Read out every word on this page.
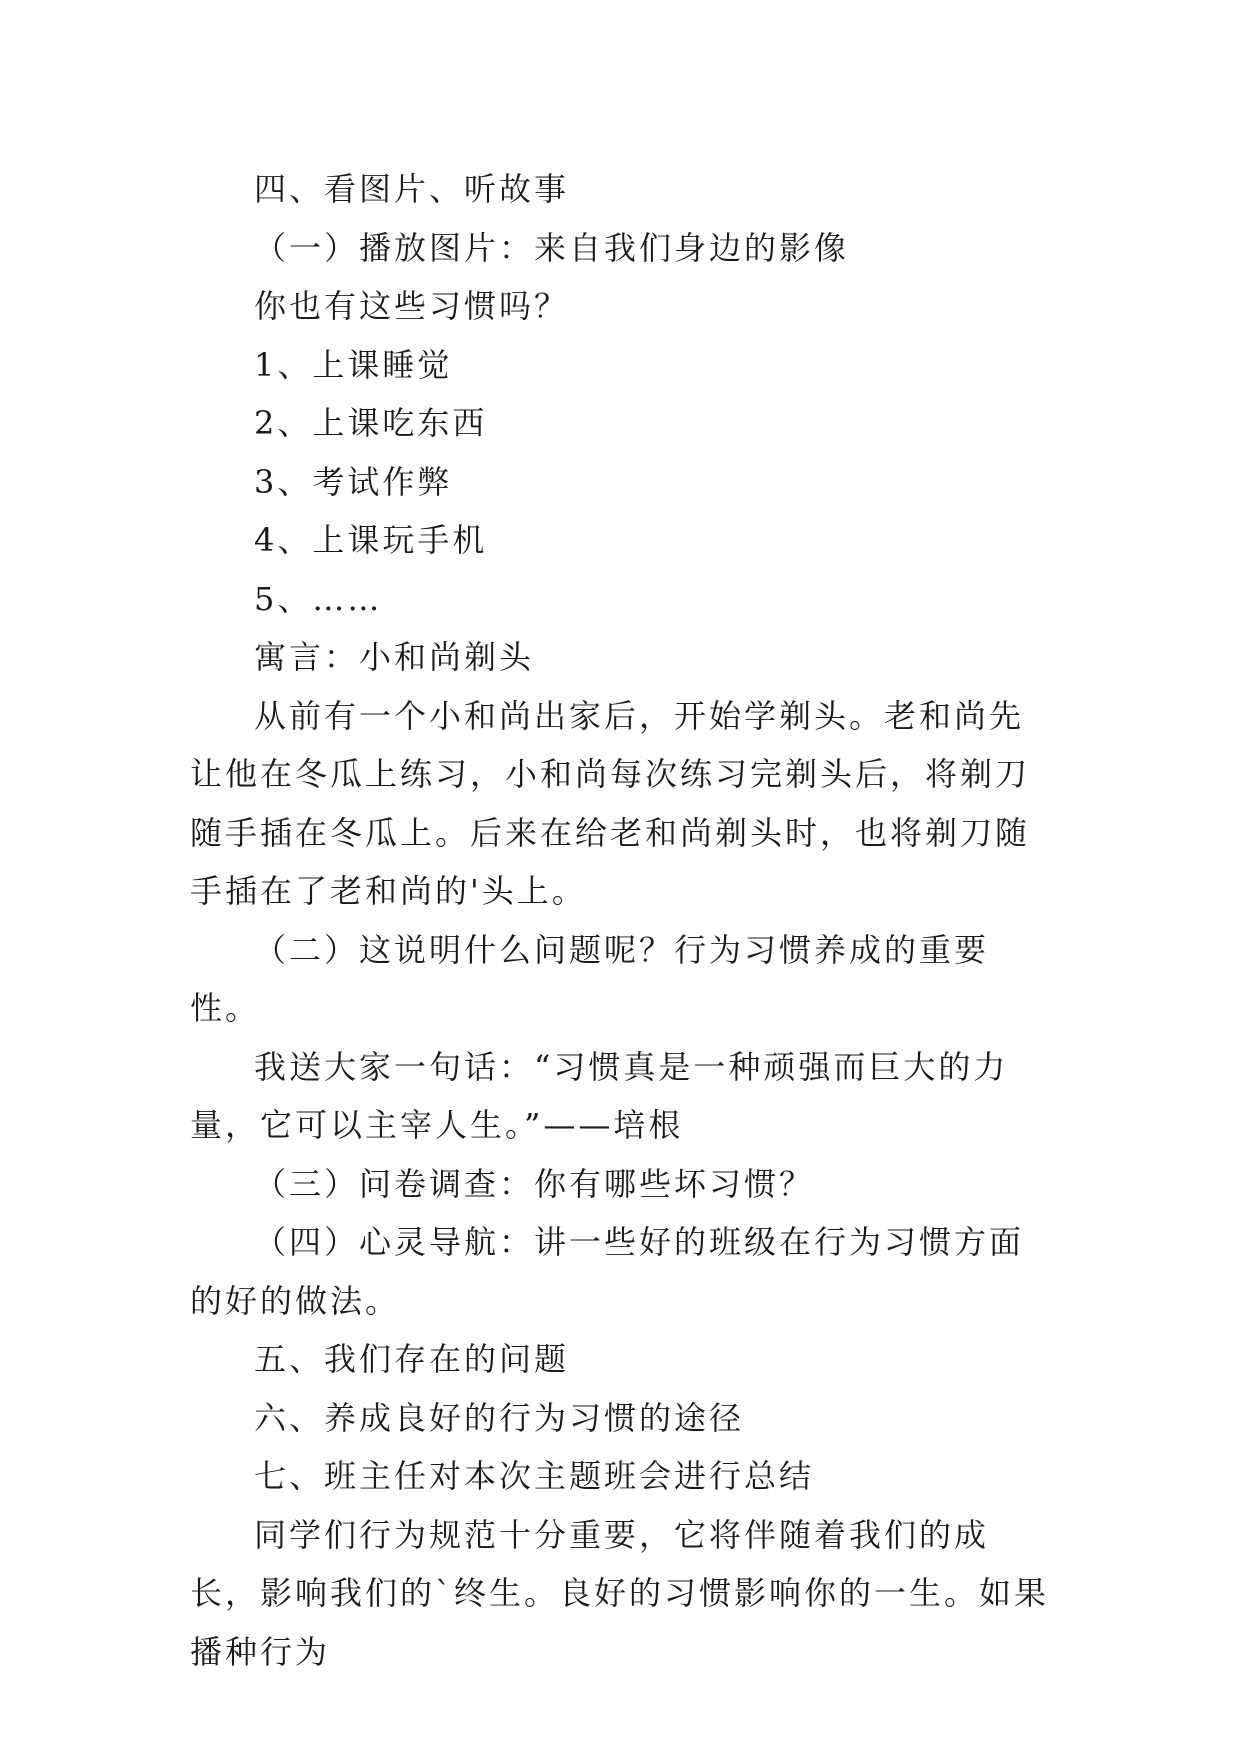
四、看图片、听故事

（一）播放图片：来自我们身边的影像

你也有这些习惯吗？

1、上课睡觉

2、上课吃东西

3、考试作弊

4、上课玩手机

5、……

寓言：小和尚剃头

从前有一个小和尚出家后，开始学剃头。老和尚先让他在冬瓜上练习，小和尚每次练习完剃头后，将剃刀随手插在冬瓜上。后来在给老和尚剃头时，也将剃刀随手插在了老和尚的'头上。

（二）这说明什么问题呢？行为习惯养成的重要性。

我送大家一句话：“习惯真是一种顽强而巨大的力量，它可以主宰人生。”——培根

（三）问卷调查：你有哪些坏习惯？

（四）心灵导航：讲一些好的班级在行为习惯方面的好的做法。

五、我们存在的问题

六、养成良好的行为习惯的途径

七、班主任对本次主题班会进行总结

同学们行为规范十分重要，它将伴随着我们的成长，影响我们的`终生。良好的习惯影响你的一生。如果播种行为
